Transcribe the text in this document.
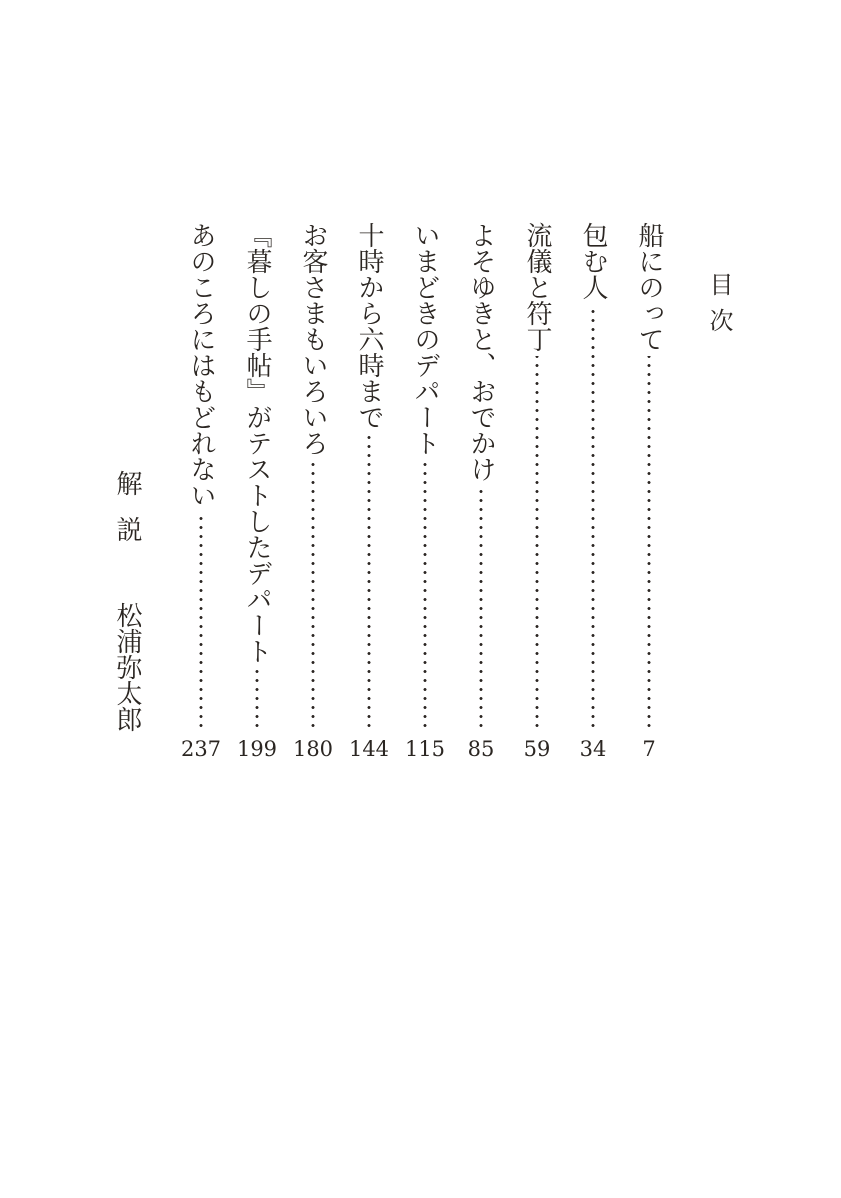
目次
船にのって
7
包む人
34
流儀と符丁
59
よそゆきと、おでかけ
85
いまどきのデパート
115
十時から六時まで
144
お客さまもいろいろ
180
『暮しの手帖』がテストしたデパート
199
あのころにはもどれない
237
解説松浦弥太郎
